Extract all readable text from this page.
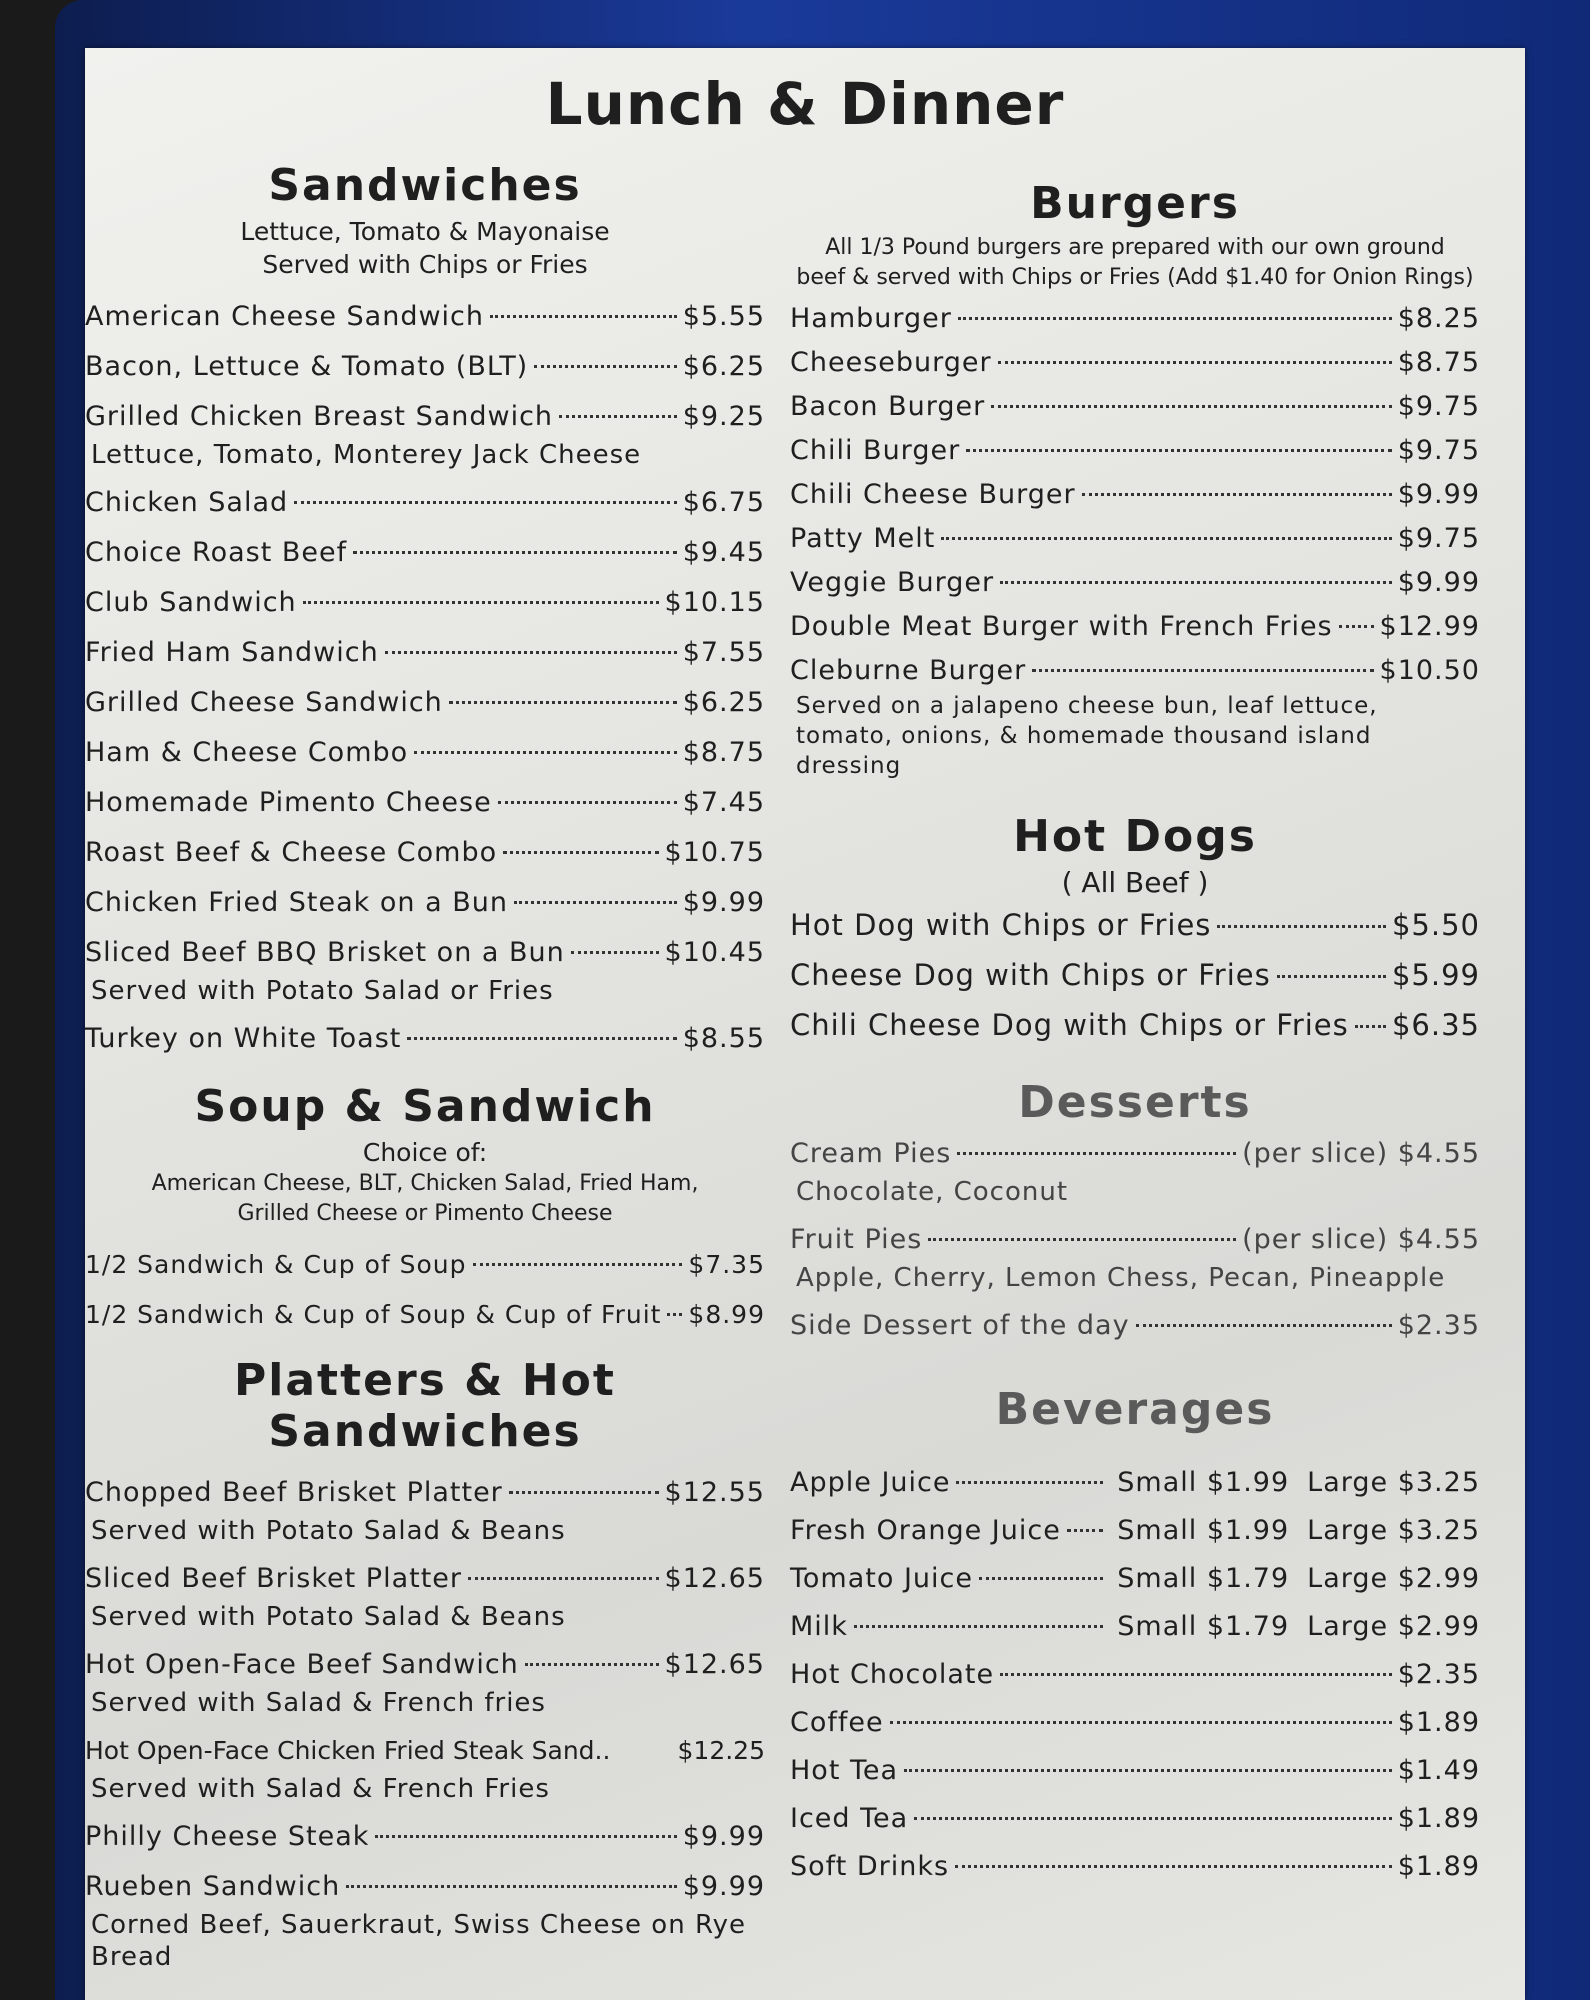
Lunch & Dinner
Sandwiches
Lettuce, Tomato & Mayonaise
Served with Chips or Fries
American Cheese Sandwich	$5.55
Bacon, Lettuce & Tomato (BLT)	$6.25
Grilled Chicken Breast Sandwich	$9.25
Lettuce, Tomato, Monterey Jack Cheese
Chicken Salad	$6.75
Choice Roast Beef	$9.45
Club Sandwich	$10.15
Fried Ham Sandwich	$7.55
Grilled Cheese Sandwich	$6.25
Ham & Cheese Combo	$8.75
Homemade Pimento Cheese	$7.45
Roast Beef & Cheese Combo	$10.75
Chicken Fried Steak on a Bun	$9.99
Sliced Beef BBQ Brisket on a Bun	$10.45
Served with Potato Salad or Fries
Turkey on White Toast	$8.55
Soup & Sandwich
Choice of:
American Cheese, BLT, Chicken Salad, Fried Ham,
Grilled Cheese or Pimento Cheese
1/2 Sandwich & Cup of Soup	$7.35
1/2 Sandwich & Cup of Soup & Cup of Fruit $8.99
Platters & Hot Sandwiches
Chopped Beef Brisket Platter	$12.55
Served with Potato Salad & Beans
Sliced Beef Brisket Platter	$12.65
Served with Potato Salad & Beans
Hot Open-Face Beef Sandwich	$12.65
Served with Salad & French fries
Hot Open-Face Chicken Fried Steak Sand..	$12.25
Served with Salad & French Fries
Philly Cheese Steak	$9.99
Rueben Sandwich	$9.99
Corned Beef, Sauerkraut, Swiss Cheese on Rye Bread
Burgers
All 1/3 Pound burgers are prepared with our own ground
beef & served with Chips or Fries (Add $1.40 for Onion Rings)
Hamburger	$8.25
Cheeseburger	$8.75
Bacon Burger	$9.75
Chili Burger	$9.75
Chili Cheese Burger	$9.99
Patty Melt	$9.75
Veggie Burger	$9.99
Double Meat Burger with French Fries $12.99
Cleburne Burger	$10.50
Served on a jalapeno cheese bun, leaf lettuce, tomato, onions, & homemade thousand island dressing
Hot Dogs
( All Beef )
Hot Dog with Chips or Fries	$5.50
Cheese Dog with Chips or Fries	$5.99
Chili Cheese Dog with Chips or Fries $6.35
Desserts
Cream Pies	(per slice) $4.55
Chocolate, Coconut
Fruit Pies	(per slice) $4.55
Apple, Cherry, Lemon Chess, Pecan, Pineapple
Side Dessert of the day	$2.35
Beverages
Apple Juice	Small $1.99 Large $3.25
Fresh Orange Juice Small $1.99 Large $3.25
Tomato Juice	Small $1.79 Large $2.99
Milk	Small $1.79 Large $2.99
Hot Chocolate	$2.35
Coffee	$1.89
Hot Tea	$1.49
Iced Tea	$1.89
Soft Drinks	$1.89
